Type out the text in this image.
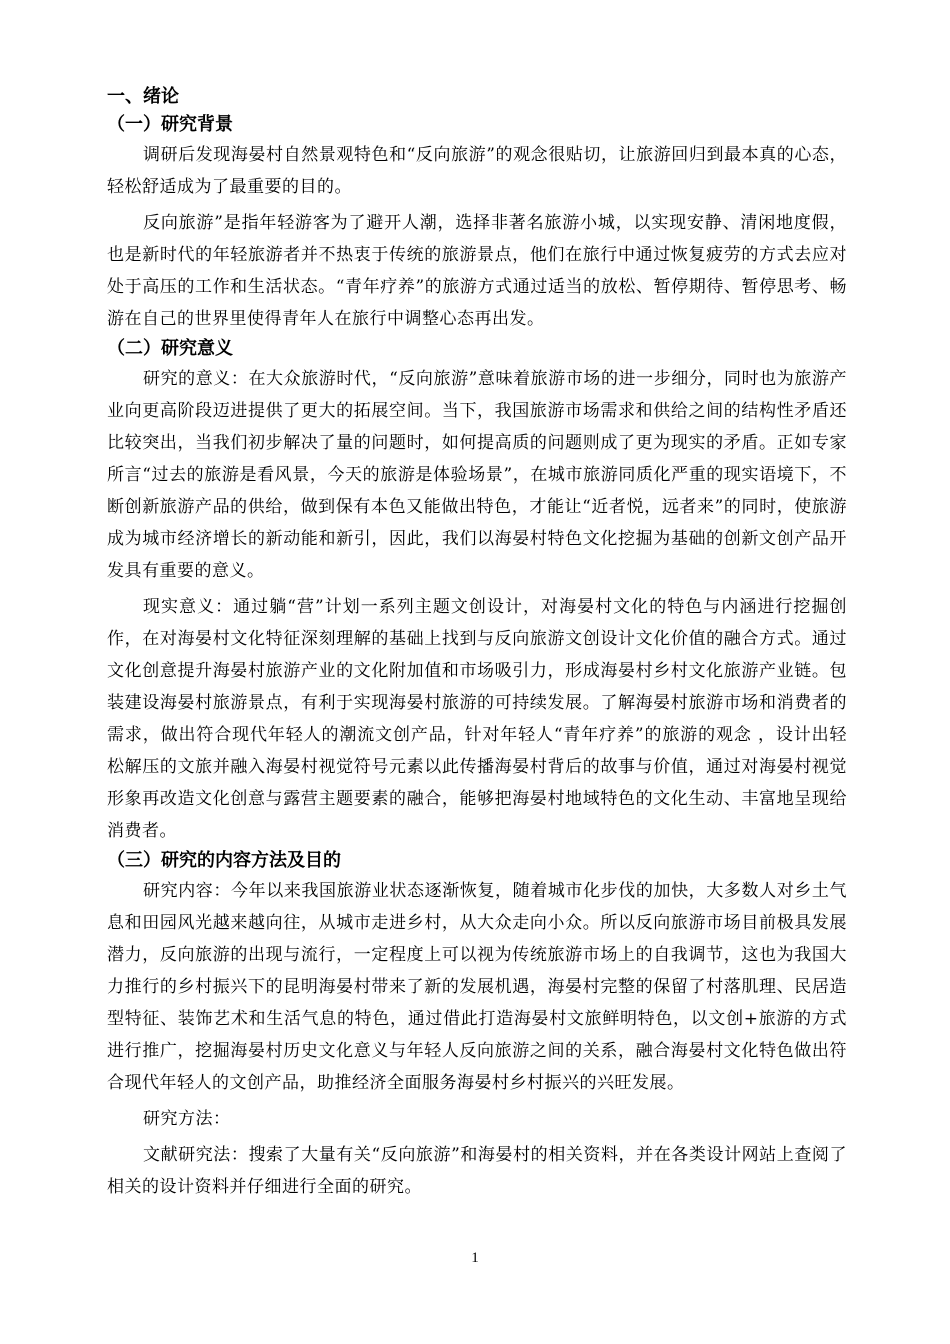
一、绪论

（一）研究背景

调研后发现海晏村自然景观特色和“反向旅游”的观念很贴切，让旅游回归到最本真的心态，轻松舒适成为了最重要的目的。

反向旅游”是指年轻游客为了避开人潮，选择非著名旅游小城，以实现安静、清闲地度假，也是新时代的年轻旅游者并不热衷于传统的旅游景点，他们在旅行中通过恢复疲劳的方式去应对处于高压的工作和生活状态。“青年疗养”的旅游方式通过适当的放松、暂停期待、暂停思考、畅游在自己的世界里使得青年人在旅行中调整心态再出发。

（二）研究意义

研究的意义：在大众旅游时代，“反向旅游”意味着旅游市场的进一步细分，同时也为旅游产业向更高阶段迈进提供了更大的拓展空间。当下，我国旅游市场需求和供给之间的结构性矛盾还比较突出，当我们初步解决了量的问题时，如何提高质的问题则成了更为现实的矛盾。正如专家所言“过去的旅游是看风景，今天的旅游是体验场景”，在城市旅游同质化严重的现实语境下，不断创新旅游产品的供给，做到保有本色又能做出特色，才能让“近者悦，远者来”的同时，使旅游成为城市经济增长的新动能和新引，因此，我们以海晏村特色文化挖掘为基础的创新文创产品开发具有重要的意义。

现实意义：通过躺“营”计划一系列主题文创设计，对海晏村文化的特色与内涵进行挖掘创作，在对海晏村文化特征深刻理解的基础上找到与反向旅游文创设计文化价值的融合方式。通过文化创意提升海晏村旅游产业的文化附加值和市场吸引力，形成海晏村乡村文化旅游产业链。包装建设海晏村旅游景点，有利于实现海晏村旅游的可持续发展。了解海晏村旅游市场和消费者的需求，做出符合现代年轻人的潮流文创产品，针对年轻人“青年疗养”的旅游的观念 ，设计出轻松解压的文旅并融入海晏村视觉符号元素以此传播海晏村背后的故事与价值，通过对海晏村视觉形象再改造文化创意与露营主题要素的融合，能够把海晏村地域特色的文化生动、丰富地呈现给消费者。

（三）研究的内容方法及目的

研究内容：今年以来我国旅游业状态逐渐恢复，随着城市化步伐的加快，大多数人对乡土气息和田园风光越来越向往，从城市走进乡村，从大众走向小众。所以反向旅游市场目前极具发展潜力，反向旅游的出现与流行，一定程度上可以视为传统旅游市场上的自我调节，这也为我国大力推行的乡村振兴下的昆明海晏村带来了新的发展机遇，海晏村完整的保留了村落肌理、民居造型特征、装饰艺术和生活气息的特色，通过借此打造海晏村文旅鲜明特色，以文创+旅游的方式进行推广，挖掘海晏村历史文化意义与年轻人反向旅游之间的关系，融合海晏村文化特色做出符合现代年轻人的文创产品，助推经济全面服务海晏村乡村振兴的兴旺发展。

研究方法：

文献研究法：搜索了大量有关“反向旅游”和海晏村的相关资料，并在各类设计网站上查阅了相关的设计资料并仔细进行全面的研究。

1
